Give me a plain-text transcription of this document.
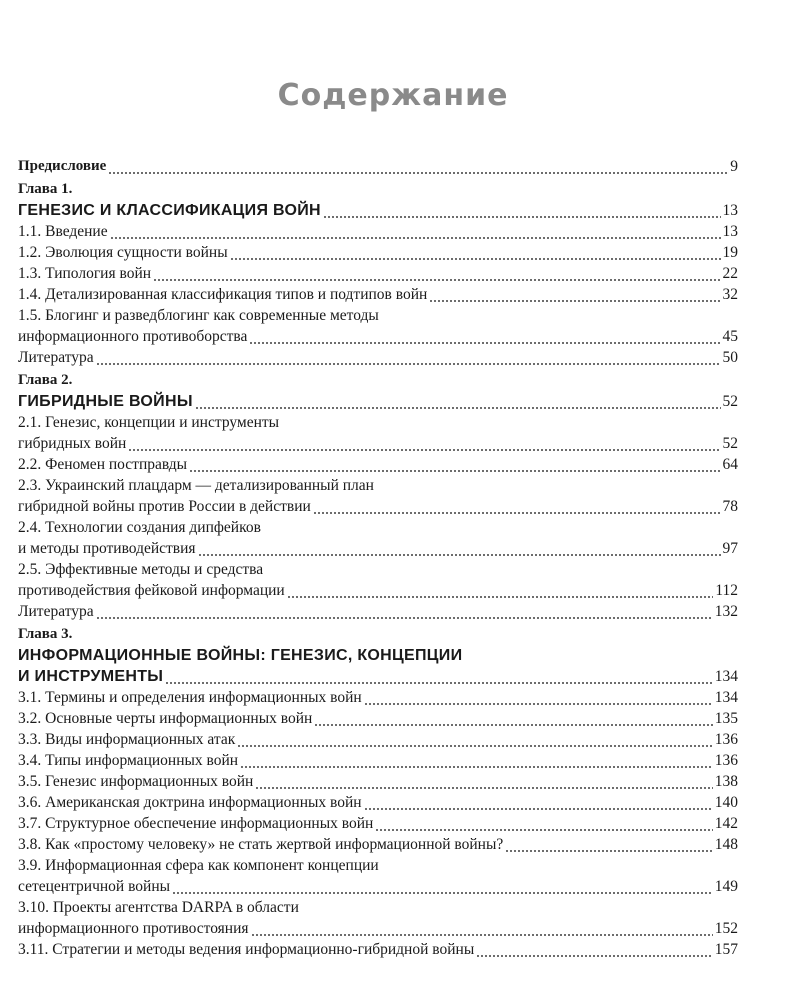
Содержание
Предисловие	9
Глава 1.
ГЕНЕЗИС И КЛАССИФИКАЦИЯ ВОЙН	13
1.1. Введение	13
1.2. Эволюция сущности войны	19
1.3. Типология войн	22
1.4. Детализированная классификация типов и подтипов войн	32
1.5. Блогинг и разведблогинг как современные методы
информационного противоборства	45
Литература	50
Глава 2.
ГИБРИДНЫЕ ВОЙНЫ	52
2.1. Генезис, концепции и инструменты
гибридных войн	52
2.2. Феномен постправды	64
2.3. Украинский плацдарм — детализированный план
гибридной войны против России в действии	78
2.4. Технологии создания дипфейков
и методы противодействия	97
2.5. Эффективные методы и средства
противодействия фейковой информации	112
Литература	132
Глава 3.
ИНФОРМАЦИОННЫЕ ВОЙНЫ: ГЕНЕЗИС, КОНЦЕПЦИИ
И ИНСТРУМЕНТЫ	134
3.1. Термины и определения информационных войн	134
3.2. Основные черты информационных войн	135
3.3. Виды информационных атак	136
3.4. Типы информационных войн	136
3.5. Генезис информационных войн	138
3.6. Американская доктрина информационных войн	140
3.7. Структурное обеспечение информационных войн	142
3.8. Как «простому человеку» не стать жертвой информационной войны?	148
3.9. Информационная сфера как компонент концепции
сетецентричной войны	149
3.10. Проекты агентства DARPA в области
информационного противостояния	152
3.11. Стратегии и методы ведения информационно-гибридной войны	157
